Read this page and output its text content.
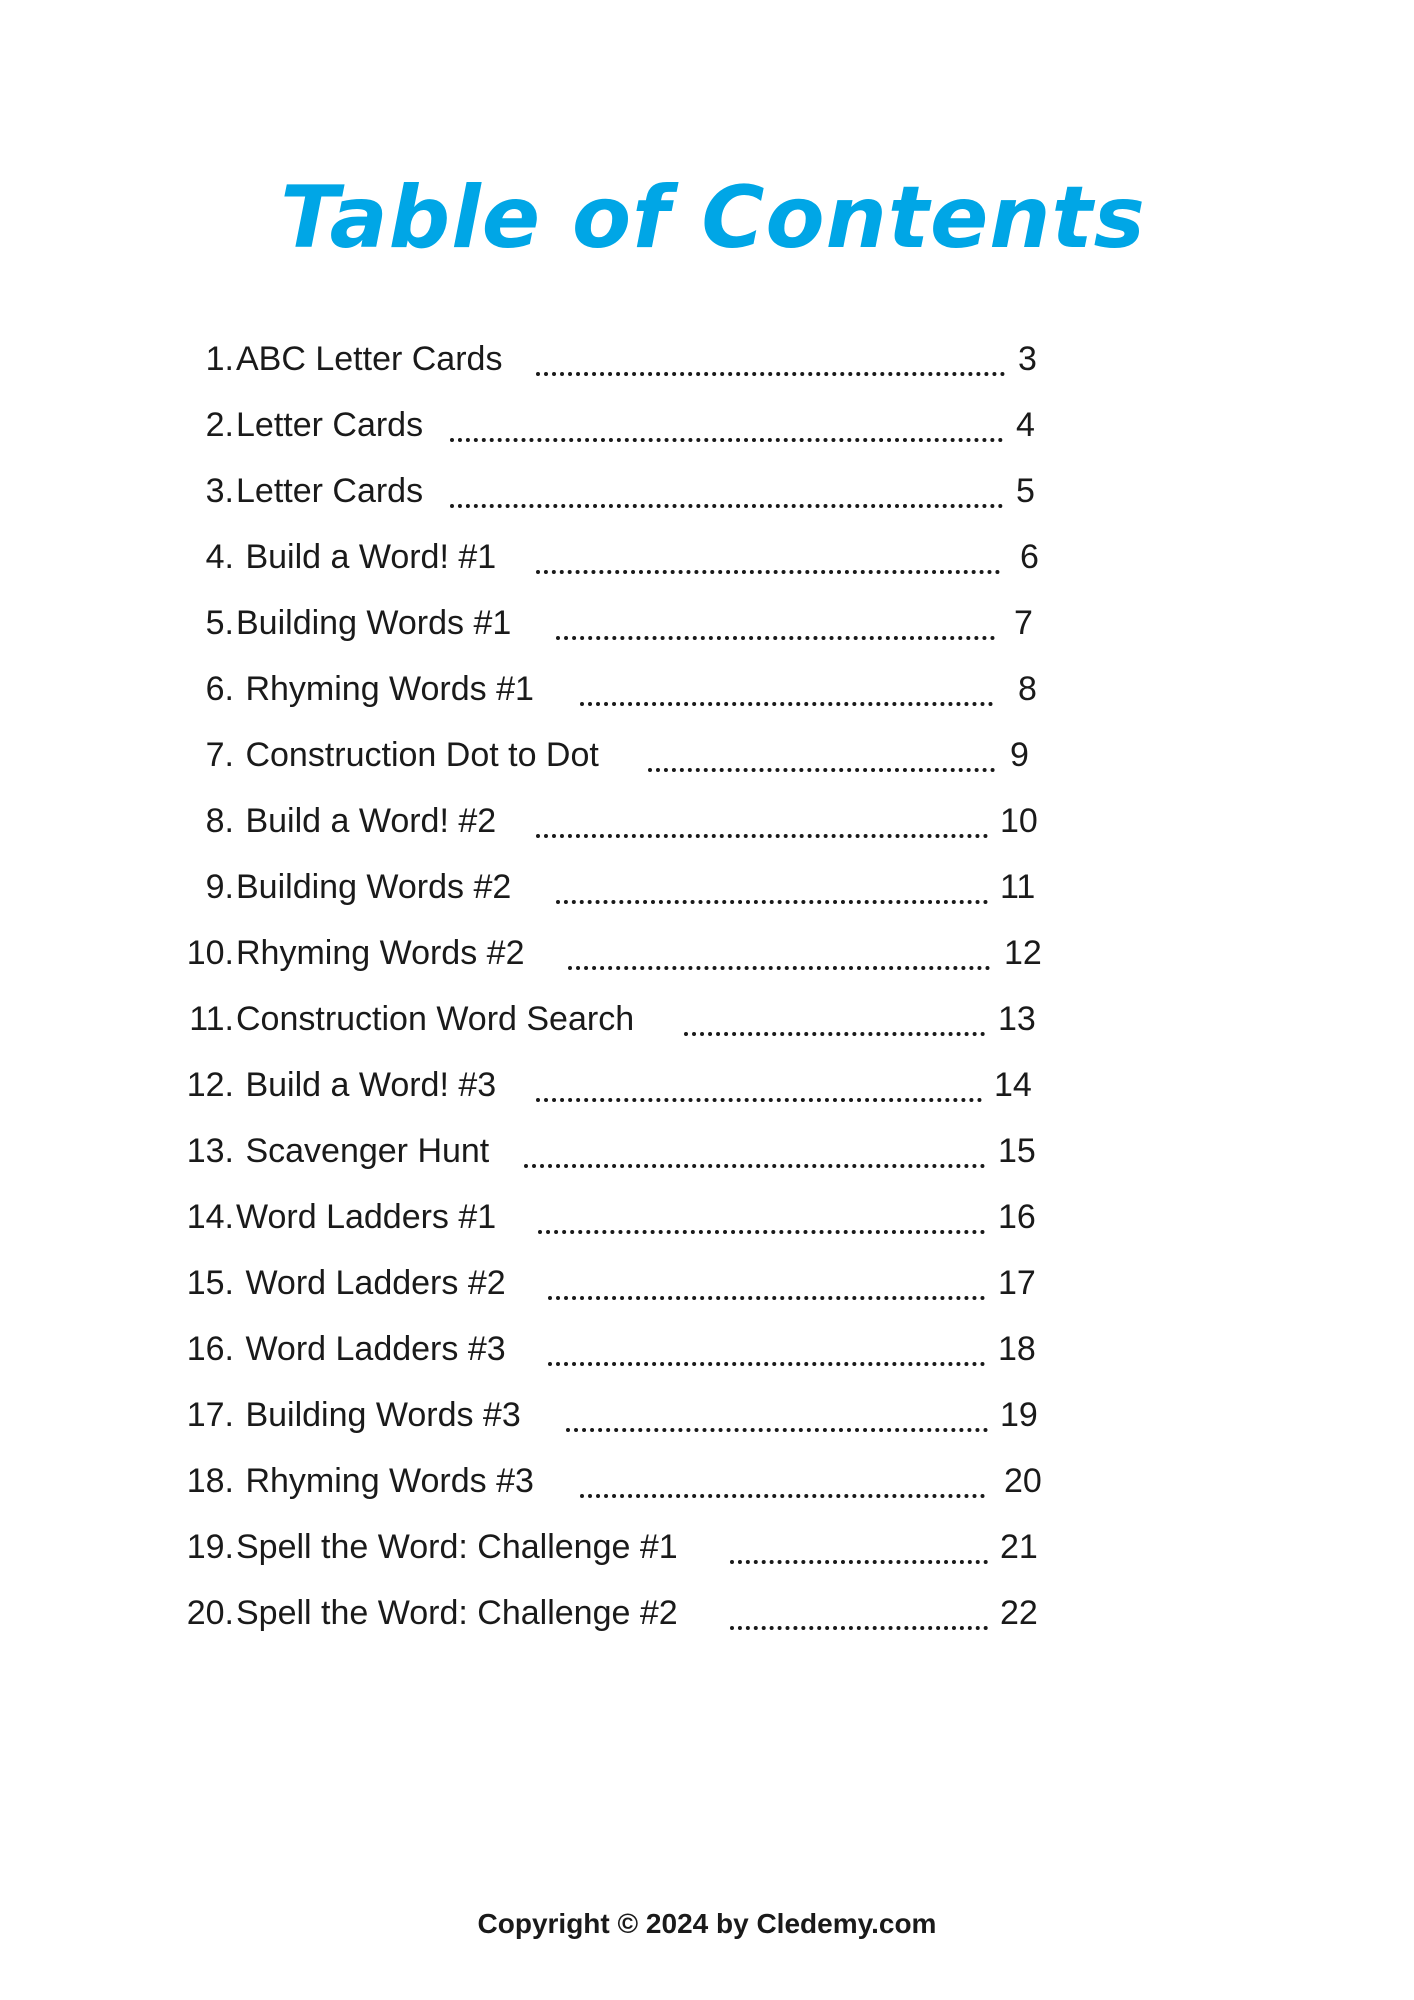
Table of Contents
1. ABC Letter Cards	3
2. Letter Cards	4
3. Letter Cards	5
4. Build a Word! #1	6
5. Building Words #1	7
6. Rhyming Words #1	8
7. Construction Dot to Dot	9
8. Build a Word! #2	10
9. Building Words #2	11
10. Rhyming Words #2	12
11. Construction Word Search	13
12. Build a Word! #3	14
13. Scavenger Hunt	15
14. Word Ladders #1	16
15. Word Ladders #2	17
16. Word Ladders #3	18
17. Building Words #3	19
18. Rhyming Words #3	20
19. Spell the Word: Challenge #1	21
20. Spell the Word: Challenge #2	22
Copyright © 2024 by Cledemy.com
